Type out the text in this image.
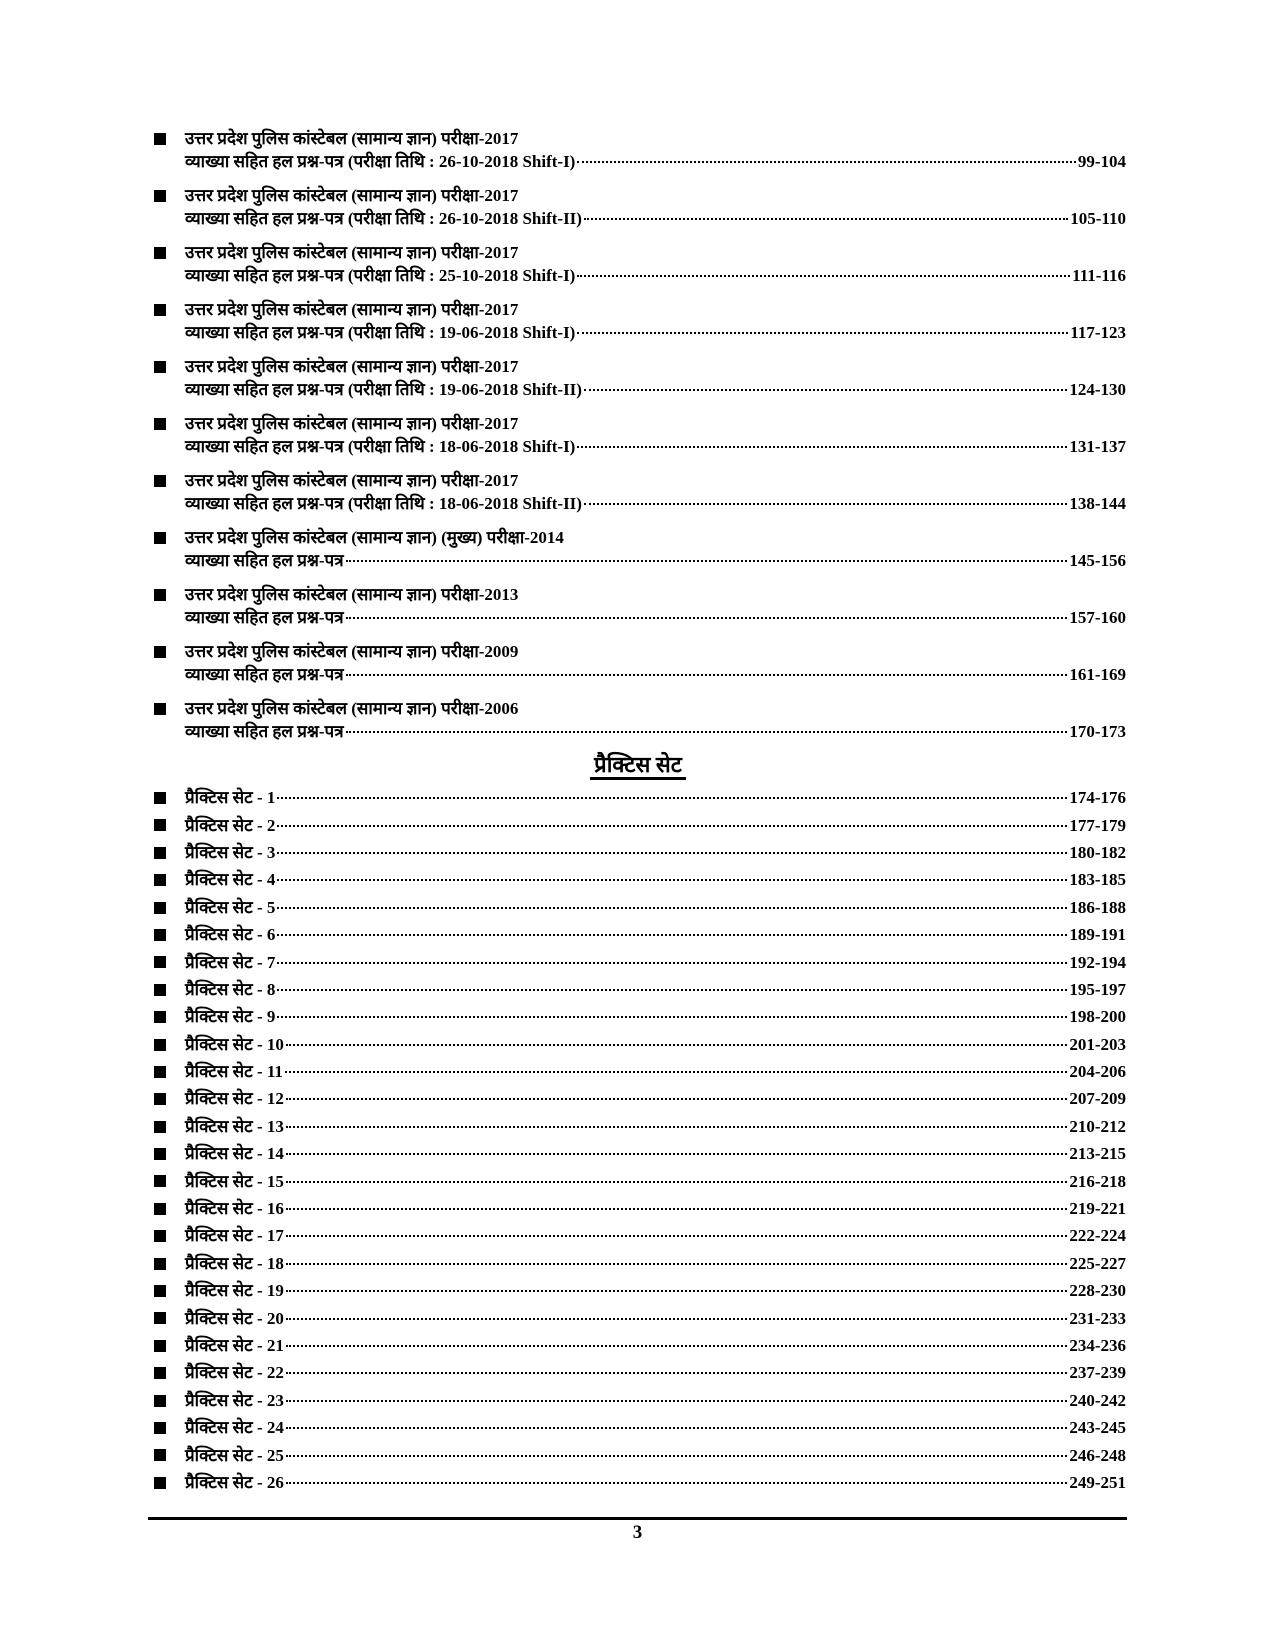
उत्तर प्रदेश पुलिस कांस्टेबल (सामान्य ज्ञान) परीक्षा-2017
व्याख्या सहित हल प्रश्न-पत्र (परीक्षा तिथि : 26-10-2018 Shift-I)	99-104
उत्तर प्रदेश पुलिस कांस्टेबल (सामान्य ज्ञान) परीक्षा-2017
व्याख्या सहित हल प्रश्न-पत्र (परीक्षा तिथि : 26-10-2018 Shift-II)	105-110
उत्तर प्रदेश पुलिस कांस्टेबल (सामान्य ज्ञान) परीक्षा-2017
व्याख्या सहित हल प्रश्न-पत्र (परीक्षा तिथि : 25-10-2018 Shift-I)	111-116
उत्तर प्रदेश पुलिस कांस्टेबल (सामान्य ज्ञान) परीक्षा-2017
व्याख्या सहित हल प्रश्न-पत्र (परीक्षा तिथि : 19-06-2018 Shift-I)	117-123
उत्तर प्रदेश पुलिस कांस्टेबल (सामान्य ज्ञान) परीक्षा-2017
व्याख्या सहित हल प्रश्न-पत्र (परीक्षा तिथि : 19-06-2018 Shift-II)	124-130
उत्तर प्रदेश पुलिस कांस्टेबल (सामान्य ज्ञान) परीक्षा-2017
व्याख्या सहित हल प्रश्न-पत्र (परीक्षा तिथि : 18-06-2018 Shift-I)	131-137
उत्तर प्रदेश पुलिस कांस्टेबल (सामान्य ज्ञान) परीक्षा-2017
व्याख्या सहित हल प्रश्न-पत्र (परीक्षा तिथि : 18-06-2018 Shift-II)	138-144
उत्तर प्रदेश पुलिस कांस्टेबल (सामान्य ज्ञान) (मुख्य) परीक्षा-2014
व्याख्या सहित हल प्रश्न-पत्र	145-156
उत्तर प्रदेश पुलिस कांस्टेबल (सामान्य ज्ञान) परीक्षा-2013
व्याख्या सहित हल प्रश्न-पत्र	157-160
उत्तर प्रदेश पुलिस कांस्टेबल (सामान्य ज्ञान) परीक्षा-2009
व्याख्या सहित हल प्रश्न-पत्र	161-169
उत्तर प्रदेश पुलिस कांस्टेबल (सामान्य ज्ञान) परीक्षा-2006
व्याख्या सहित हल प्रश्न-पत्र	170-173
प्रैक्टिस सेट
प्रैक्टिस सेट - 1	174-176
प्रैक्टिस सेट - 2	177-179
प्रैक्टिस सेट - 3	180-182
प्रैक्टिस सेट - 4	183-185
प्रैक्टिस सेट - 5	186-188
प्रैक्टिस सेट - 6	189-191
प्रैक्टिस सेट - 7	192-194
प्रैक्टिस सेट - 8	195-197
प्रैक्टिस सेट - 9	198-200
प्रैक्टिस सेट - 10	201-203
प्रैक्टिस सेट - 11	204-206
प्रैक्टिस सेट - 12	207-209
प्रैक्टिस सेट - 13	210-212
प्रैक्टिस सेट - 14	213-215
प्रैक्टिस सेट - 15	216-218
प्रैक्टिस सेट - 16	219-221
प्रैक्टिस सेट - 17	222-224
प्रैक्टिस सेट - 18	225-227
प्रैक्टिस सेट - 19	228-230
प्रैक्टिस सेट - 20	231-233
प्रैक्टिस सेट - 21	234-236
प्रैक्टिस सेट - 22	237-239
प्रैक्टिस सेट - 23	240-242
प्रैक्टिस सेट - 24	243-245
प्रैक्टिस सेट - 25	246-248
प्रैक्टिस सेट - 26	249-251
3
